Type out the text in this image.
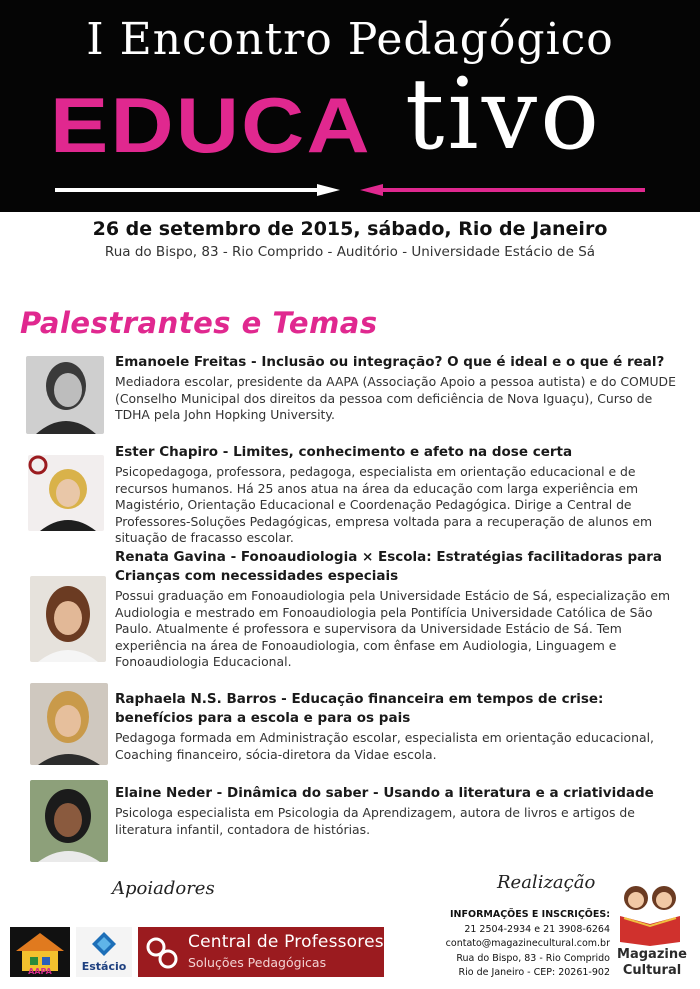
I Encontro Pedagógico
EDUCA tivo
26 de setembro de 2015, sábado, Rio de Janeiro
Rua do Bispo, 83 - Rio Comprido - Auditório - Universidade Estácio de Sá
Palestrantes e Temas
Emanoele Freitas - Inclusão ou integração? O que é ideal e o que é real?
Mediadora escolar, presidente da AAPA (Associação Apoio a pessoa autista) e do COMUDE (Conselho Municipal dos direitos da pessoa com deficiência de Nova Iguaçu), Curso de TDHA pela John Hopking University.
Ester Chapiro - Limites, conhecimento e afeto na dose certa
Psicopedagoga, professora, pedagoga, especialista em orientação educacional e de recursos humanos. Há 25 anos atua na área da educação com larga experiência em Magistério, Orientação Educacional e Coordenação Pedagógica. Dirige a Central de Professores-Soluções Pedagógicas, empresa voltada para a recuperação de alunos em situação de fracasso escolar.
Renata Gavina - Fonoaudiologia × Escola: Estratégias facilitadoras para Crianças com necessidades especiais
Possui graduação em Fonoaudiologia pela Universidade Estácio de Sá, especialização em Audiologia e mestrado em Fonoaudiologia pela Pontifícia Universidade Católica de São Paulo. Atualmente é professora e supervisora da Universidade Estácio de Sá. Tem experiência na área de Fonoaudiologia, com ênfase em Audiologia, Linguagem e Fonoaudiologia Educacional.
Raphaela N.S. Barros - Educação financeira em tempos de crise: benefícios para a escola e para os pais
Pedagoga formada em Administração escolar, especialista em orientação educacional, Coaching financeiro, sócia-diretora da Vidae escola.
Elaine Neder - Dinâmica do saber - Usando a literatura e a criatividade
Psicologa especialista em Psicologia da Aprendizagem, autora de livros e artigos de literatura infantil, contadora de histórias.
Apoiadores	Realização
INFORMAÇÕES E INSCRIÇÕES:
21 2504-2934 e 21 3908-6264
contato@magazinecultural.com.br
Rua do Bispo, 83 - Rio Comprido
Rio de Janeiro - CEP: 20261-902
AAPA	Estácio
Central de Professores
Soluções Pedagógicas
Magazine
Cultural
